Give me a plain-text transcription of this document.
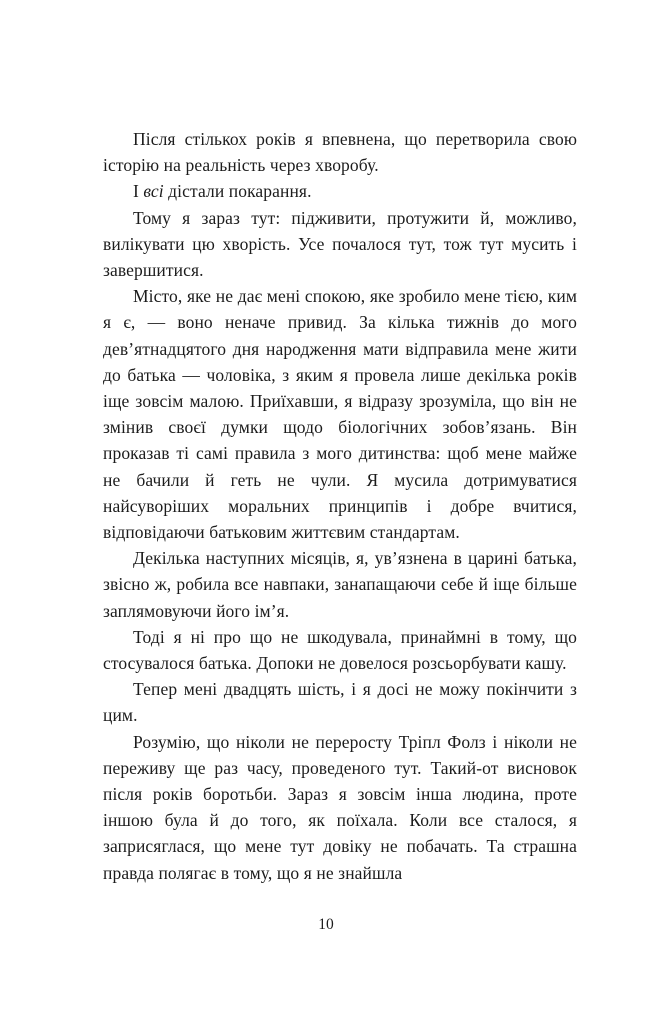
Після стількох років я впевнена, що перетворила свою історію на реальність через хворобу.

І всі дістали покарання.

Тому я зараз тут: підживити, протужити й, можливо, вилікувати цю хворість. Усе почалося тут, тож тут мусить і завершитися.

Місто, яке не дає мені спокою, яке зробило мене тією, ким я є, — воно неначе привид. За кілька тижнів до мого дев’ятнадцятого дня народження мати відправила мене жити до батька — чоловіка, з яким я провела лише декілька років іще зовсім малою. Приїхавши, я відразу зрозуміла, що він не змінив своєї думки щодо біологічних зобов’язань. Він проказав ті самі правила з мого дитинства: щоб мене майже не бачили й геть не чули. Я мусила дотримуватися найсуворіших моральних принципів і добре вчитися, відповідаючи батьковим життєвим стандартам.

Декілька наступних місяців, я, ув’язнена в царині батька, звісно ж, робила все навпаки, занапащаючи себе й іще більше заплямовуючи його ім’я.

Тоді я ні про що не шкодувала, принаймні в тому, що стосувалося батька. Допоки не довелося розсьорбувати кашу.

Тепер мені двадцять шість, і я досі не можу покінчити з цим.

Розумію, що ніколи не переросту Тріпл Фолз і ніколи не переживу ще раз часу, проведеного тут. Такий-от висновок після років боротьби. Зараз я зовсім інша людина, проте іншою була й до того, як поїхала. Коли все сталося, я заприсяглася, що мене тут довіку не побачать. Та страшна правда полягає в тому, що я не знайшла

10
